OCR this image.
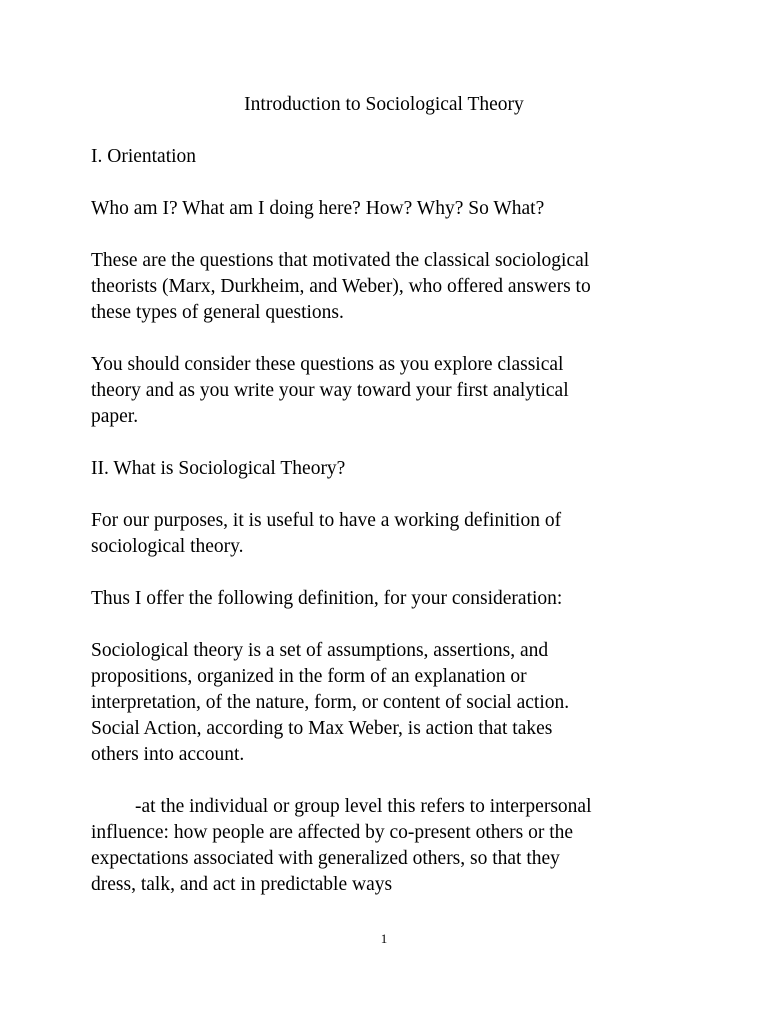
Introduction to Sociological Theory

I. Orientation

Who am I? What am I doing here? How? Why? So What?

These are the questions that motivated the classical sociological
theorists (Marx, Durkheim, and Weber), who offered answers to
these types of general questions.

You should consider these questions as you explore classical
theory and as you write your way toward your first analytical
paper.

II. What is Sociological Theory?

For our purposes, it is useful to have a working definition of
sociological theory.

Thus I offer the following definition, for your consideration:

Sociological theory is a set of assumptions, assertions, and
propositions, organized in the form of an explanation or
interpretation, of the nature, form, or content of social action.
Social Action, according to Max Weber, is action that takes
others into account.

-at the individual or group level this refers to interpersonal
influence: how people are affected by co-present others or the
expectations associated with generalized others, so that they
dress, talk, and act in predictable ways

1
